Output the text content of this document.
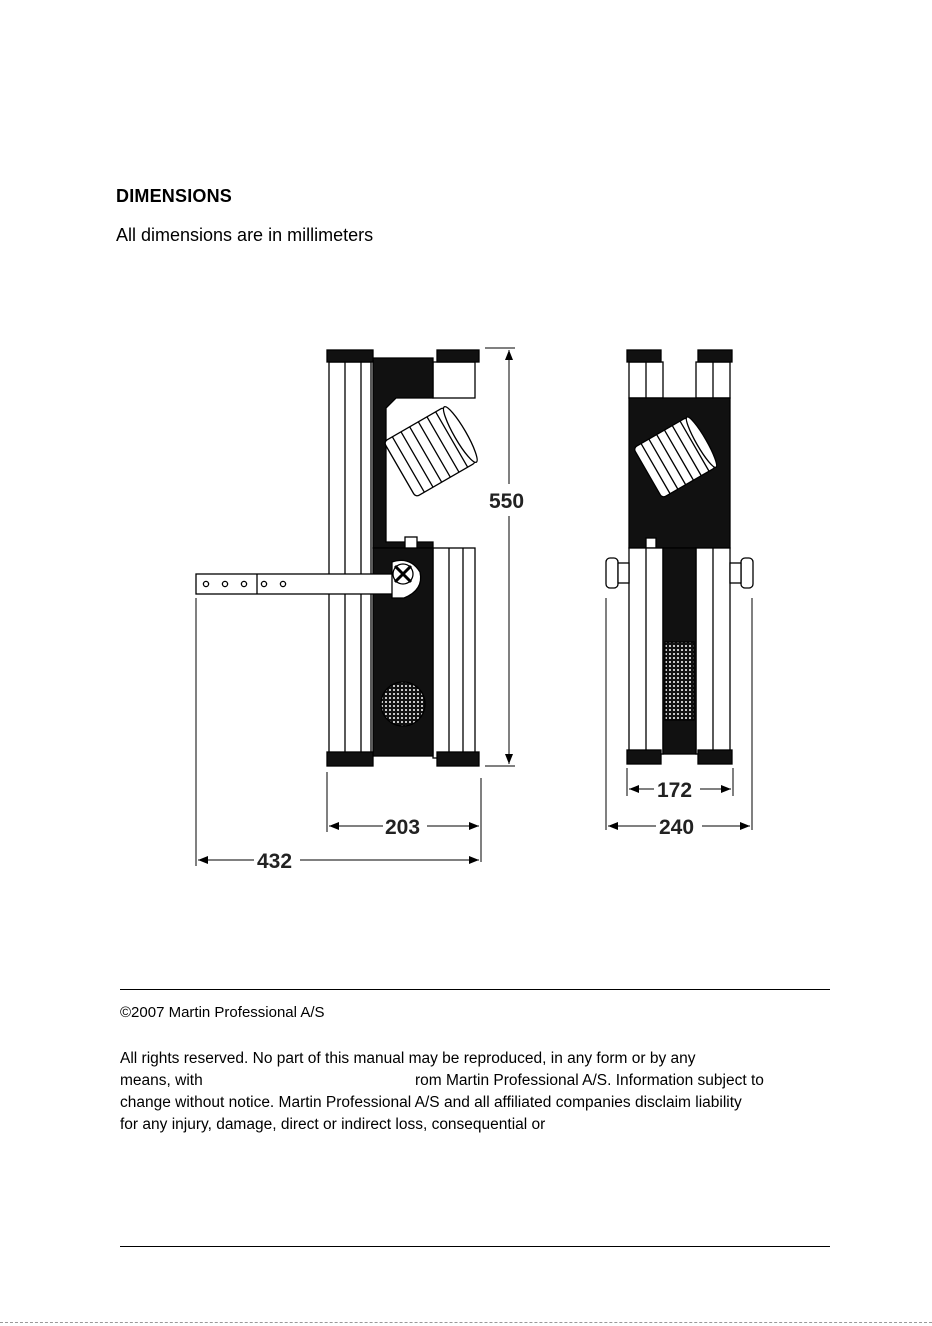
DIMENSIONS
All dimensions are in millimeters
550
203
432
172
240
©2007 Martin Professional A/S
All rights reserved. No part of this manual may be reproduced, in any form or by any
means, with	rom Martin Professional A/S. Information subject to
change without notice. Martin Professional A/S and all affiliated companies disclaim liability
for any injury, damage, direct or indirect loss, consequential or
